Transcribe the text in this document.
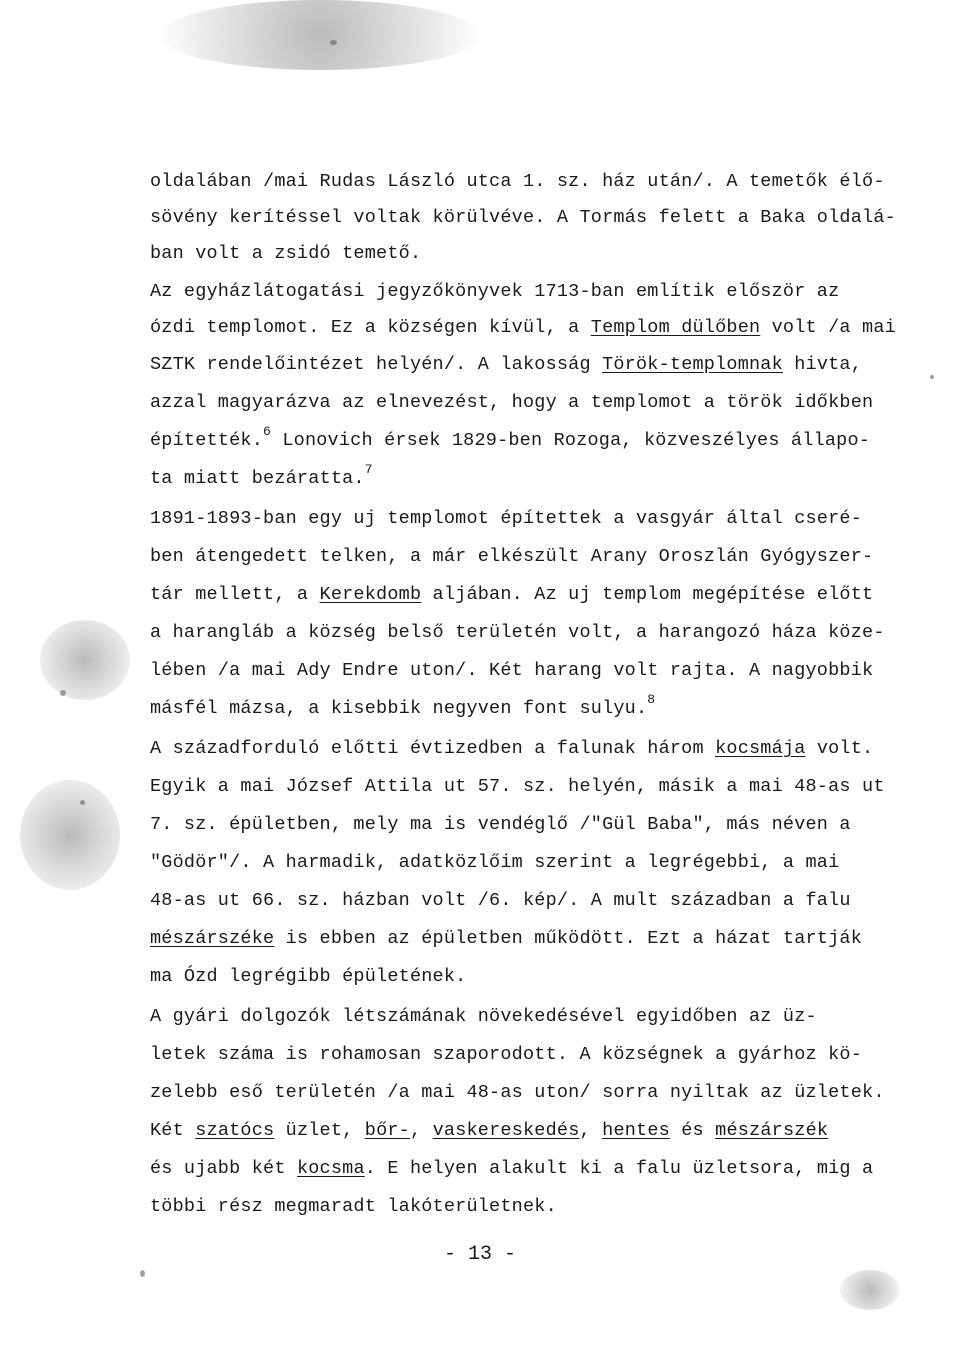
oldalában /mai Rudas László utca 1. sz. ház után/. A temetők élő-
sövény kerítéssel voltak körülvéve. A Tormás felett a Baka oldalá-
ban volt a zsidó temető.
Az egyházlátogatási jegyzőkönyvek 1713-ban említik először az
ózdi templomot. Ez a községen kívül, a Templom dülőben volt /a mai
SZTK rendelőintézet helyén/. A lakosság Török-templomnak hivta,
azzal magyarázva az elnevezést, hogy a templomot a török időkben
építették.$^6$ Lonovich érsek 1829-ben Rozoga, közveszélyes állapo-
ta miatt bezáratta.$^7$
1891-1893-ban egy uj templomot építettek a vasgyár által cseré-
ben átengedett telken, a már elkészült Arany Oroszlán Gyógyszer-
tár mellett, a Kerekdomb aljában. Az uj templom megépítése előtt
a harangláb a község belső területén volt, a harangozó háza köze-
lében /a mai Ady Endre uton/. Két harang volt rajta. A nagyobbik
másfél mázsa, a kisebbik negyven font sulyu.$^8$
A századforduló előtti évtizedben a falunak három kocsmája volt.
Egyik a mai József Attila ut 57. sz. helyén, másik a mai 48-as ut
7. sz. épületben, mely ma is vendéglő /"Gül Baba", más néven a
"Gödör"/. A harmadik, adatközlőim szerint a legrégebbi, a mai
48-as ut 66. sz. házban volt /6. kép/. A mult században a falu
mészárszéke is ebben az épületben működött. Ezt a házat tartják
ma Ózd legrégibb épületének.
A gyári dolgozók létszámának növekedésével egyidőben az üz-
letek száma is rohamosan szaporodott. A községnek a gyárhoz kö-
zelebb eső területén /a mai 48-as uton/ sorra nyiltak az üzletek.
Két szatócs üzlet, bőr-, vaskereskedés, hentes és mészárszék
és ujabb két kocsma. E helyen alakult ki a falu üzletsora, mig a
többi rész megmaradt lakóterületnek.
- 13 -
